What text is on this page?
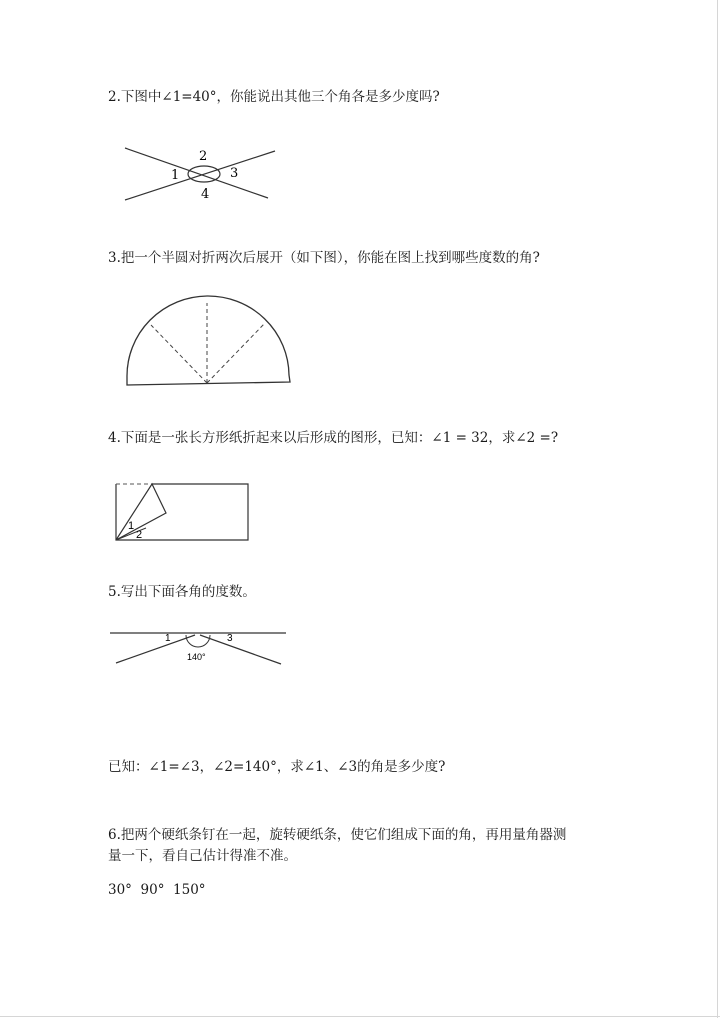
2.下图中∠1=40°，你能说出其他三个角各是多少度吗?
1
2
3
4
3.把一个半圆对折两次后展开（如下图），你能在图上找到哪些度数的角?
4.下面是一张长方形纸折起来以后形成的图形，已知：∠1 = 32，求∠2 =?
1
2
5.写出下面各角的度数。
1	3
140°
已知：∠1=∠3，∠2=140°，求∠1、∠3的角是多少度?
6.把两个硬纸条钉在一起，旋转硬纸条，使它们组成下面的角，再用量角器测
量一下，看自己估计得准不准。
30°  90°  150°
